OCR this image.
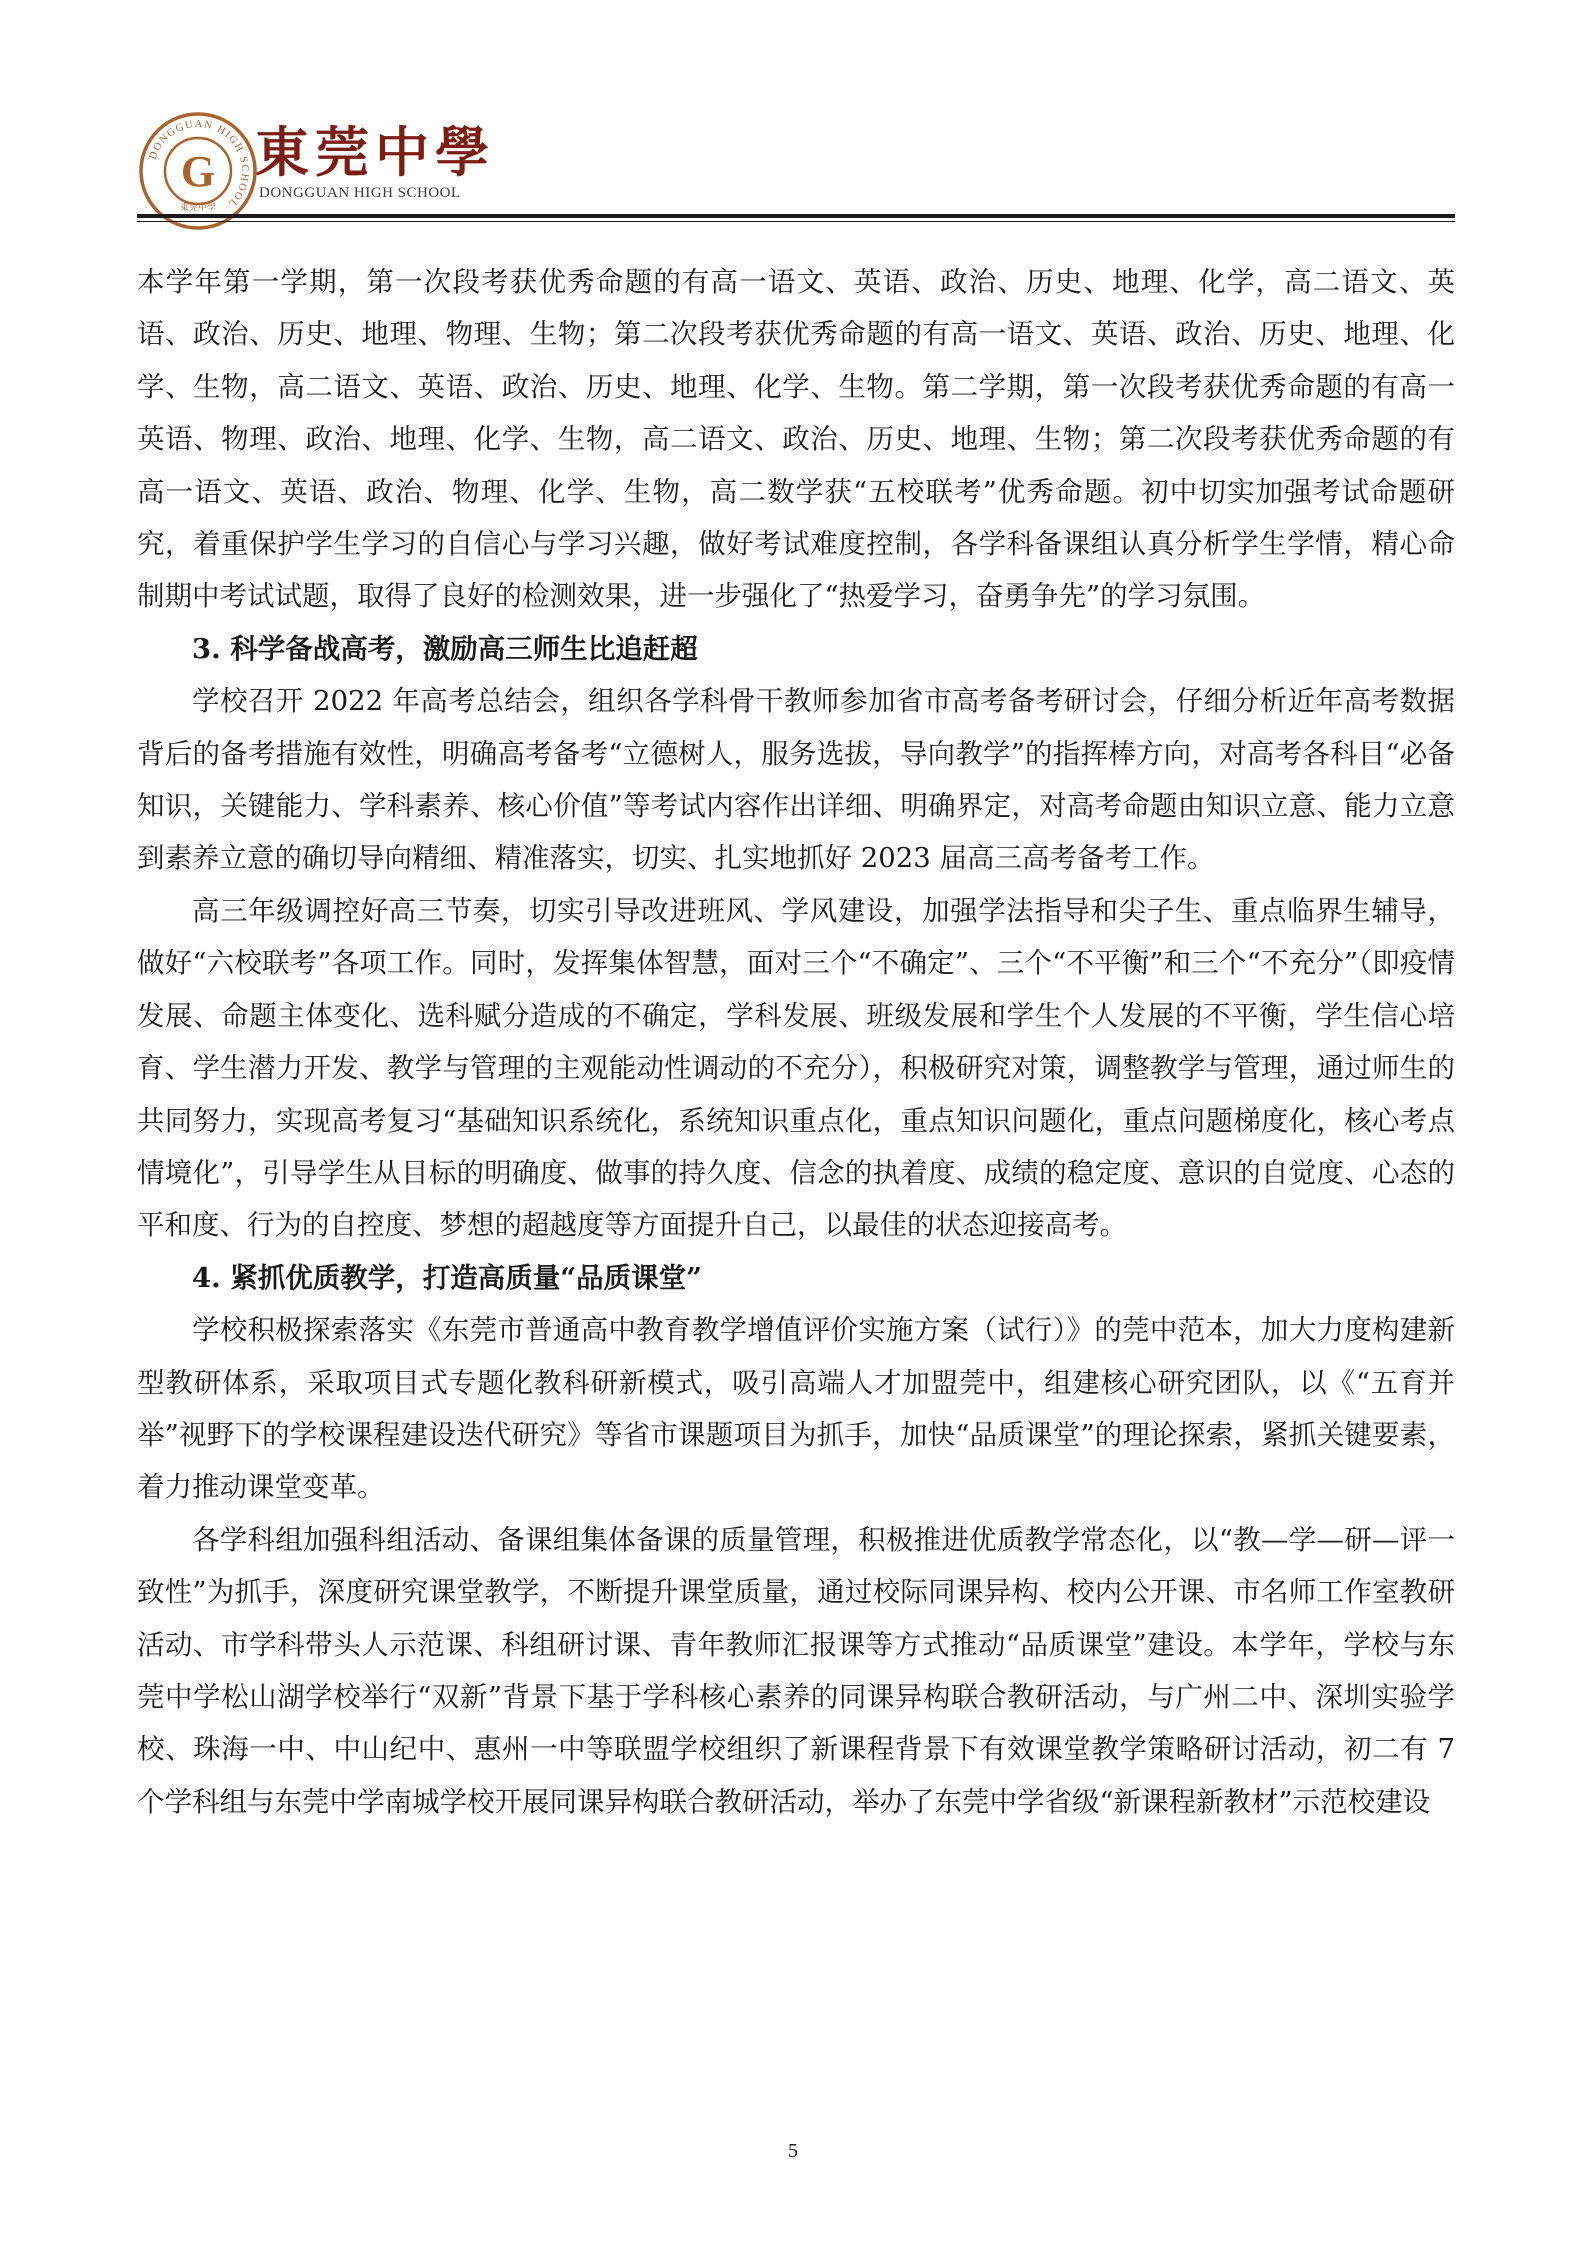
DONGGUAN HIGH SCHOOL
G
東莞中學
東莞中學
DONGGUAN HIGH SCHOOL

本学年第一学期，第一次段考获优秀命题的有高一语文、英语、政治、历史、地理、化学，高二语文、英语、政治、历史、地理、物理、生物；第二次段考获优秀命题的有高一语文、英语、政治、历史、地理、化学、生物，高二语文、英语、政治、历史、地理、化学、生物。第二学期，第一次段考获优秀命题的有高一英语、物理、政治、地理、化学、生物，高二语文、政治、历史、地理、生物；第二次段考获优秀命题的有高一语文、英语、政治、物理、化学、生物，高二数学获“五校联考”优秀命题。初中切实加强考试命题研究，着重保护学生学习的自信心与学习兴趣，做好考试难度控制，各学科备课组认真分析学生学情，精心命制期中考试试题，取得了良好的检测效果，进一步强化了“热爱学习，奋勇争先”的学习氛围。

3. 科学备战高考，激励高三师生比追赶超

学校召开 2022 年高考总结会，组织各学科骨干教师参加省市高考备考研讨会，仔细分析近年高考数据背后的备考措施有效性，明确高考备考“立德树人，服务选拔，导向教学”的指挥棒方向，对高考各科目“必备知识，关键能力、学科素养、核心价值”等考试内容作出详细、明确界定，对高考命题由知识立意、能力立意到素养立意的确切导向精细、精准落实，切实、扎实地抓好 2023 届高三高考备考工作。

高三年级调控好高三节奏，切实引导改进班风、学风建设，加强学法指导和尖子生、重点临界生辅导，做好“六校联考”各项工作。同时，发挥集体智慧，面对三个“不确定”、三个“不平衡”和三个“不充分”（即疫情发展、命题主体变化、选科赋分造成的不确定，学科发展、班级发展和学生个人发展的不平衡，学生信心培育、学生潜力开发、教学与管理的主观能动性调动的不充分），积极研究对策，调整教学与管理，通过师生的共同努力，实现高考复习“基础知识系统化，系统知识重点化，重点知识问题化，重点问题梯度化，核心考点情境化”，引导学生从目标的明确度、做事的持久度、信念的执着度、成绩的稳定度、意识的自觉度、心态的平和度、行为的自控度、梦想的超越度等方面提升自己，以最佳的状态迎接高考。

4. 紧抓优质教学，打造高质量“品质课堂”

学校积极探索落实《东莞市普通高中教育教学增值评价实施方案（试行）》的莞中范本，加大力度构建新型教研体系，采取项目式专题化教科研新模式，吸引高端人才加盟莞中，组建核心研究团队，以《“五育并举”视野下的学校课程建设迭代研究》等省市课题项目为抓手，加快“品质课堂”的理论探索，紧抓关键要素，着力推动课堂变革。

各学科组加强科组活动、备课组集体备课的质量管理，积极推进优质教学常态化，以“教—学—研—评一致性”为抓手，深度研究课堂教学，不断提升课堂质量，通过校际同课异构、校内公开课、市名师工作室教研活动、市学科带头人示范课、科组研讨课、青年教师汇报课等方式推动“品质课堂”建设。本学年，学校与东莞中学松山湖学校举行“双新”背景下基于学科核心素养的同课异构联合教研活动，与广州二中、深圳实验学校、珠海一中、中山纪中、惠州一中等联盟学校组织了新课程背景下有效课堂教学策略研讨活动，初二有 7 个学科组与东莞中学南城学校开展同课异构联合教研活动，举办了东莞中学省级“新课程新教材”示范校建设

5
